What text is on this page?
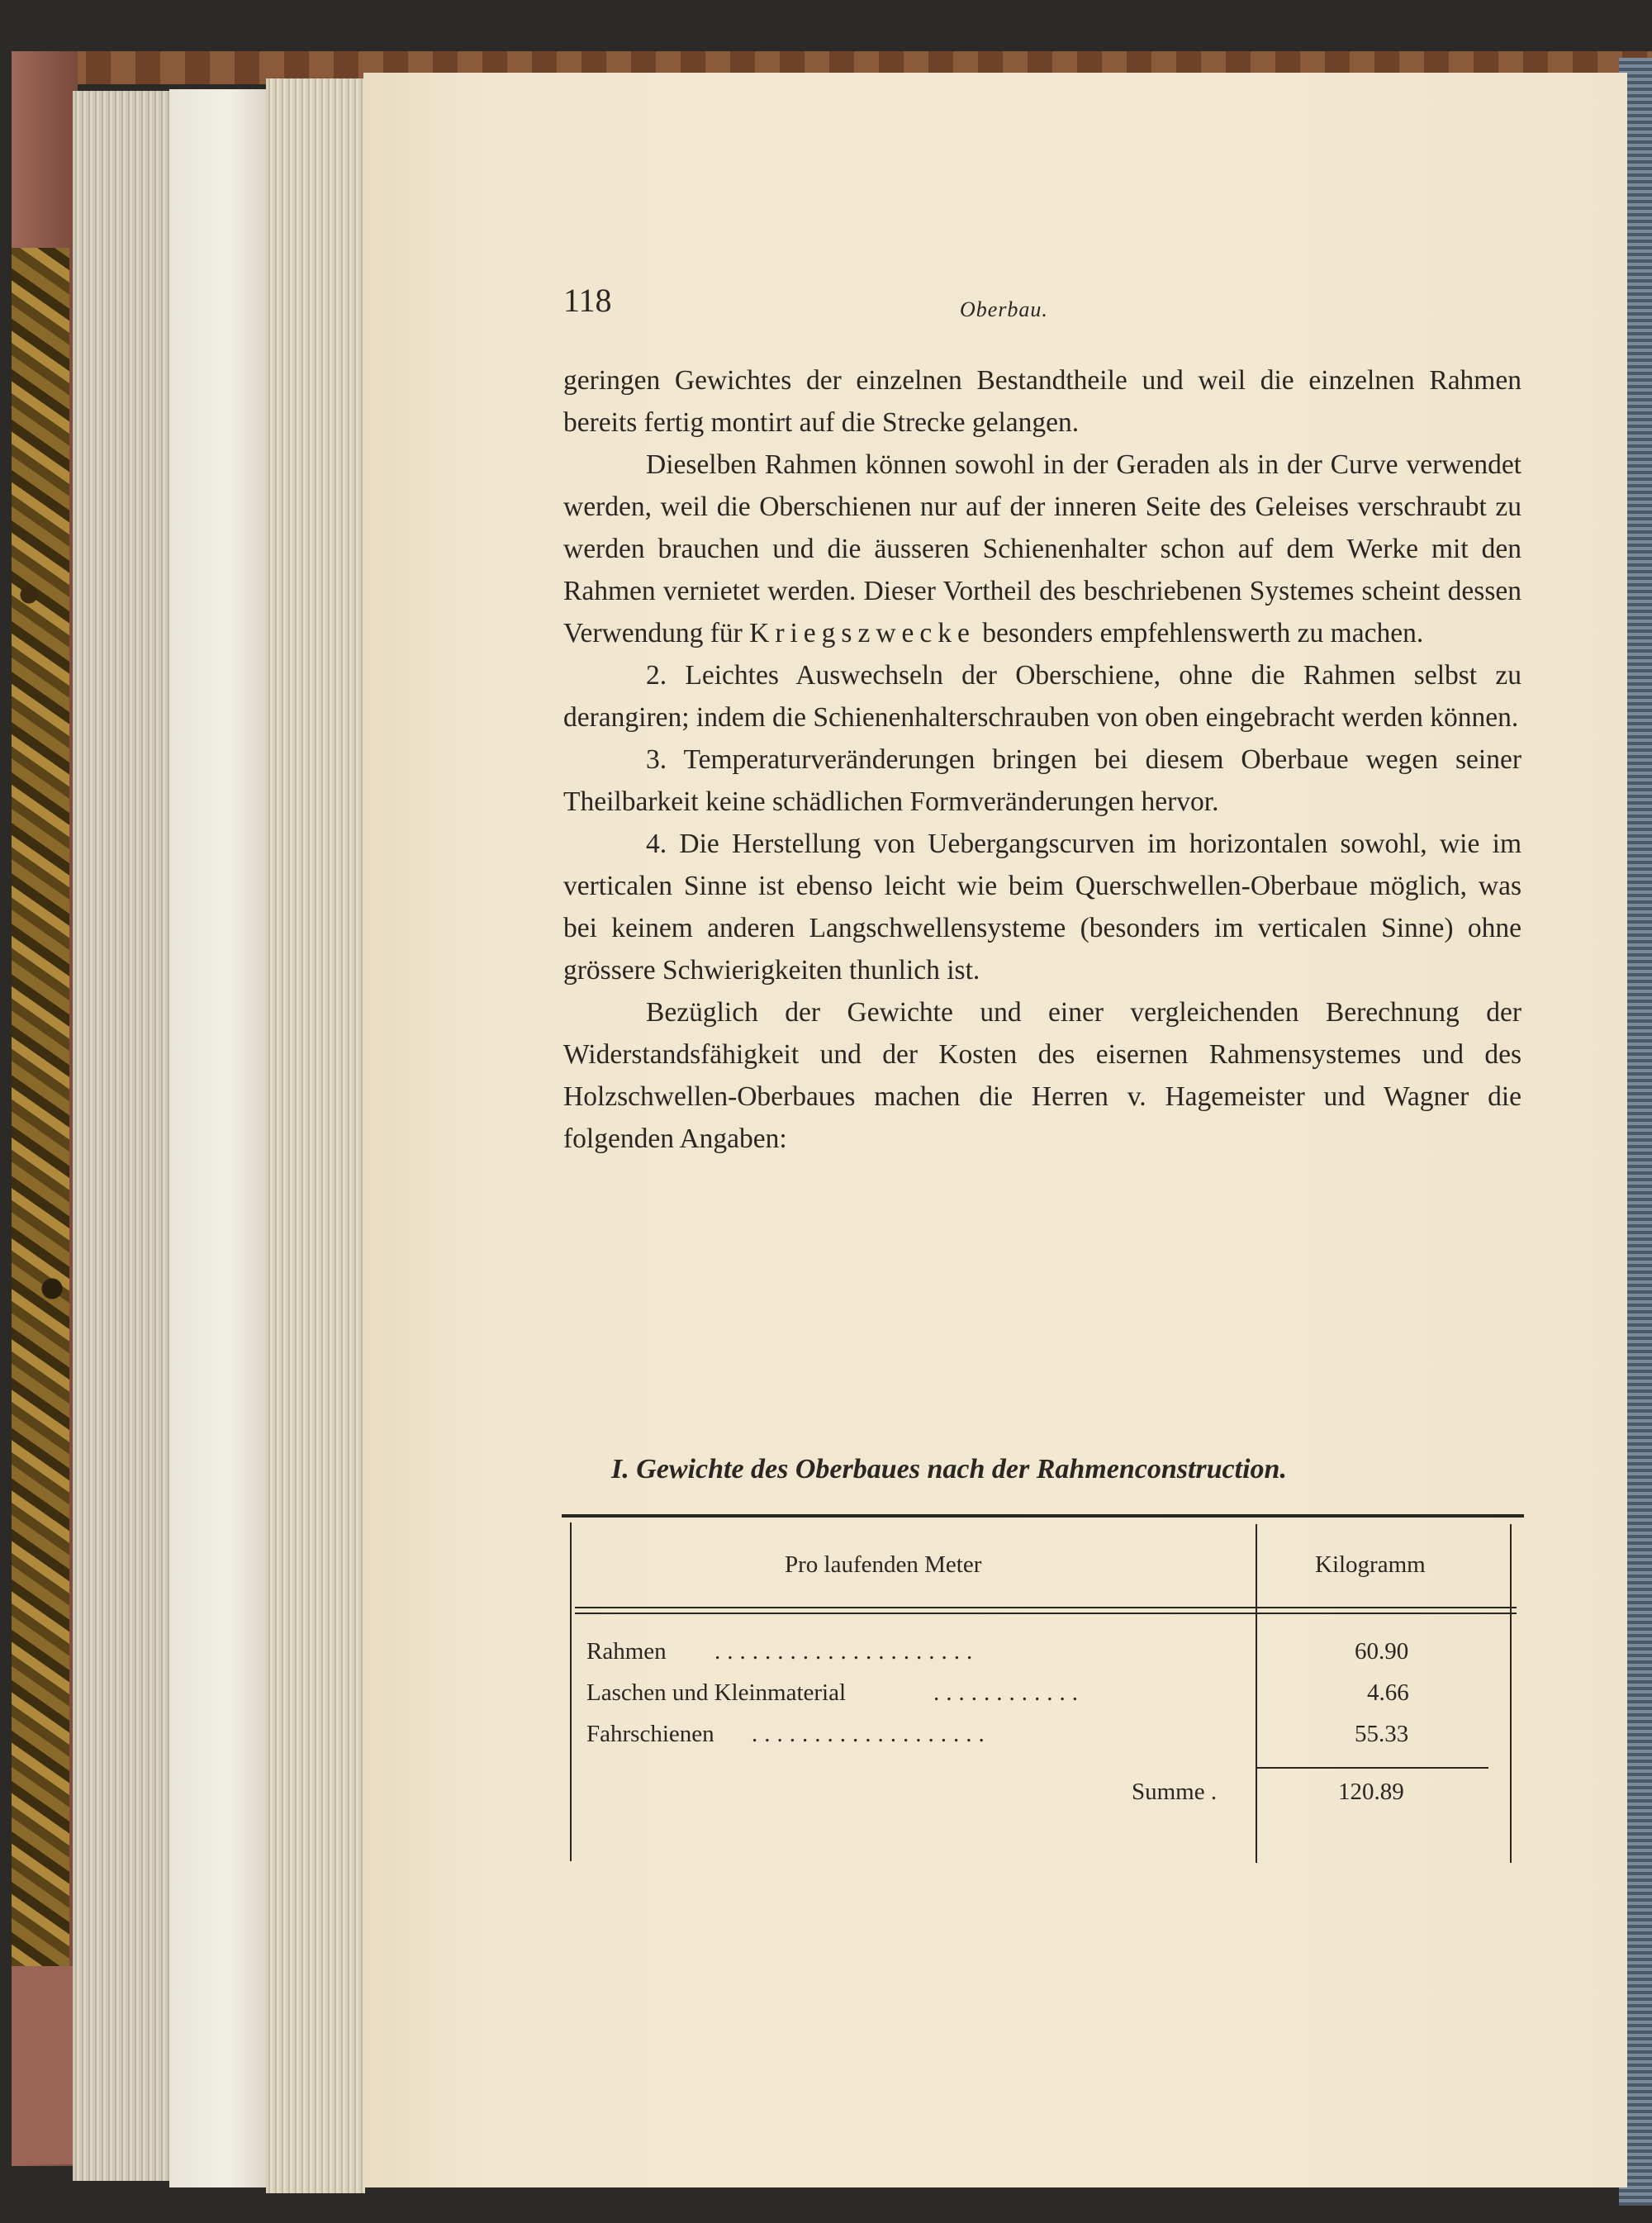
118	Oberbau.

geringen Gewichtes der einzelnen Bestandtheile und weil die einzelnen Rahmen bereits fertig montirt auf die Strecke gelangen.

Dieselben Rahmen können sowohl in der Geraden als in der Curve verwendet werden, weil die Oberschienen nur auf der inneren Seite des Geleises verschraubt zu werden brauchen und die äusseren Schienenhalter schon auf dem Werke mit den Rahmen vernietet werden. Dieser Vortheil des beschriebenen Systemes scheint dessen Verwendung für Kriegszwecke besonders empfehlenswerth zu machen.

2. Leichtes Auswechseln der Oberschiene, ohne die Rahmen selbst zu derangiren; indem die Schienenhalterschrauben von oben eingebracht werden können.

3. Temperaturveränderungen bringen bei diesem Oberbaue wegen seiner Theilbarkeit keine schädlichen Formveränderungen hervor.

4. Die Herstellung von Uebergangscurven im horizontalen sowohl, wie im verticalen Sinne ist ebenso leicht wie beim Querschwellen-Oberbaue möglich, was bei keinem anderen Langschwellensysteme (besonders im verticalen Sinne) ohne grössere Schwierigkeiten thunlich ist.

Bezüglich der Gewichte und einer vergleichenden Berechnung der Widerstandsfähigkeit und der Kosten des eisernen Rahmensystemes und des Holzschwellen-Oberbaues machen die Herren v. Hagemeister und Wagner die folgenden Angaben:

I. Gewichte des Oberbaues nach der Rahmenconstruction.
Pro laufenden Meter	Kilogramm
Rahmen .....................	60.90
Laschen und Kleinmaterial	............	4.66
Fahrschienen ...................	55.33
Summe .	120.89
